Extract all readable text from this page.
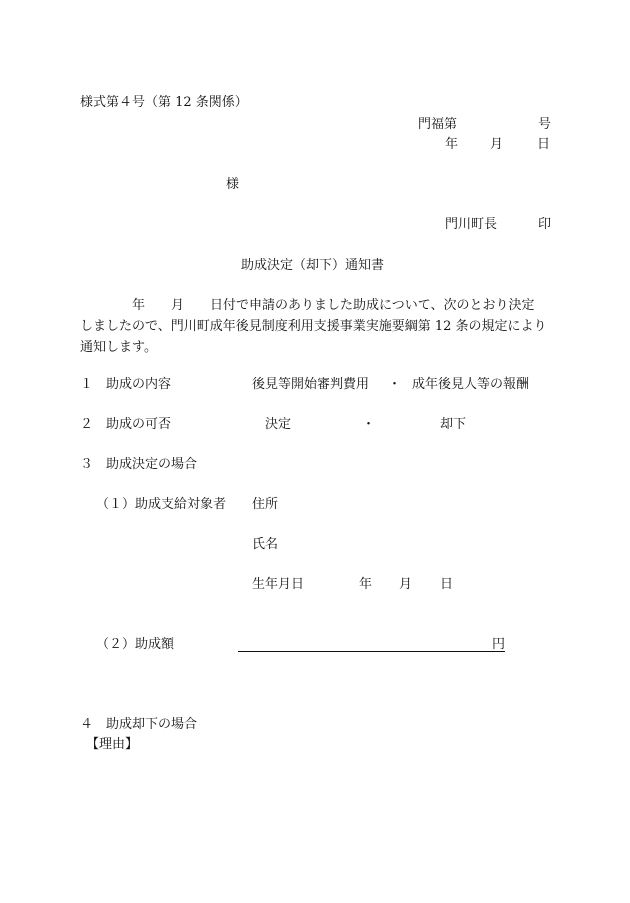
様式第４号（第 12 条関係）
門福第	号
年 月	日
様
門川町長	印
助成決定（却下）通知書
年　　月　　日付で申請のありました助成について、次のとおり決定
しましたので、門川町成年後見制度利用支援事業実施要綱第 12 条の規定により
通知します。
１ 助成の内容	後見等開始審判費用 ・ 成年後見人等の報酬
２ 助成の可否	決定	・	却下
３ 助成決定の場合
（１）助成支給対象者 住所
氏名
生年月日	年 月 日
（２）助成額	円
４ 助成却下の場合
【理由】
